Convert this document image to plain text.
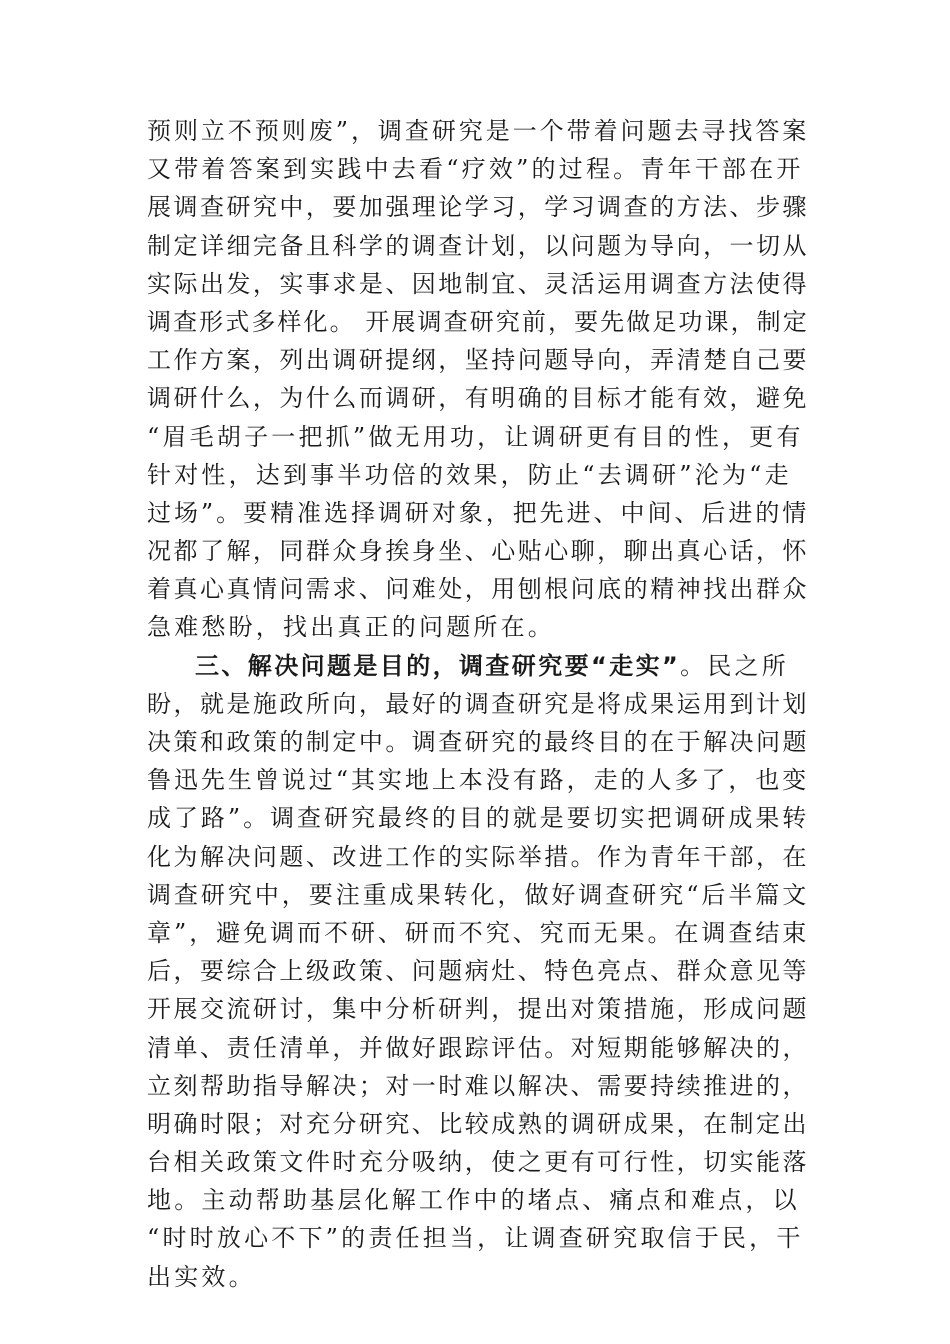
预则立不预则废”，调查研究是一个带着问题去寻找答案
又带着答案到实践中去看“疗效”的过程。青年干部在开
展调查研究中，要加强理论学习，学习调查的方法、步骤
制定详细完备且科学的调查计划，以问题为导向，一切从
实际出发，实事求是、因地制宜、灵活运用调查方法使得
调查形式多样化。 开展调查研究前，要先做足功课，制定
工作方案，列出调研提纲，坚持问题导向，弄清楚自己要
调研什么，为什么而调研，有明确的目标才能有效，避免
“眉毛胡子一把抓”做无用功，让调研更有目的性，更有
针对性，达到事半功倍的效果，防止“去调研”沦为“走
过场”。要精准选择调研对象，把先进、中间、后进的情
况都了解，同群众身挨身坐、心贴心聊，聊出真心话，怀
着真心真情问需求、问难处，用刨根问底的精神找出群众
急难愁盼，找出真正的问题所在。
三、解决问题是目的，调查研究要“走实”。民之所
盼，就是施政所向，最好的调查研究是将成果运用到计划
决策和政策的制定中。调查研究的最终目的在于解决问题
鲁迅先生曾说过“其实地上本没有路，走的人多了，也变
成了路”。调查研究最终的目的就是要切实把调研成果转
化为解决问题、改进工作的实际举措。作为青年干部，在
调查研究中，要注重成果转化，做好调查研究“后半篇文
章”，避免调而不研、研而不究、究而无果。在调查结束
后，要综合上级政策、问题病灶、特色亮点、群众意见等
开展交流研讨，集中分析研判，提出对策措施，形成问题
清单、责任清单，并做好跟踪评估。对短期能够解决的，
立刻帮助指导解决；对一时难以解决、需要持续推进的，
明确时限；对充分研究、比较成熟的调研成果，在制定出
台相关政策文件时充分吸纳，使之更有可行性，切实能落
地。主动帮助基层化解工作中的堵点、痛点和难点，以
“时时放心不下”的责任担当，让调查研究取信于民，干
出实效。
